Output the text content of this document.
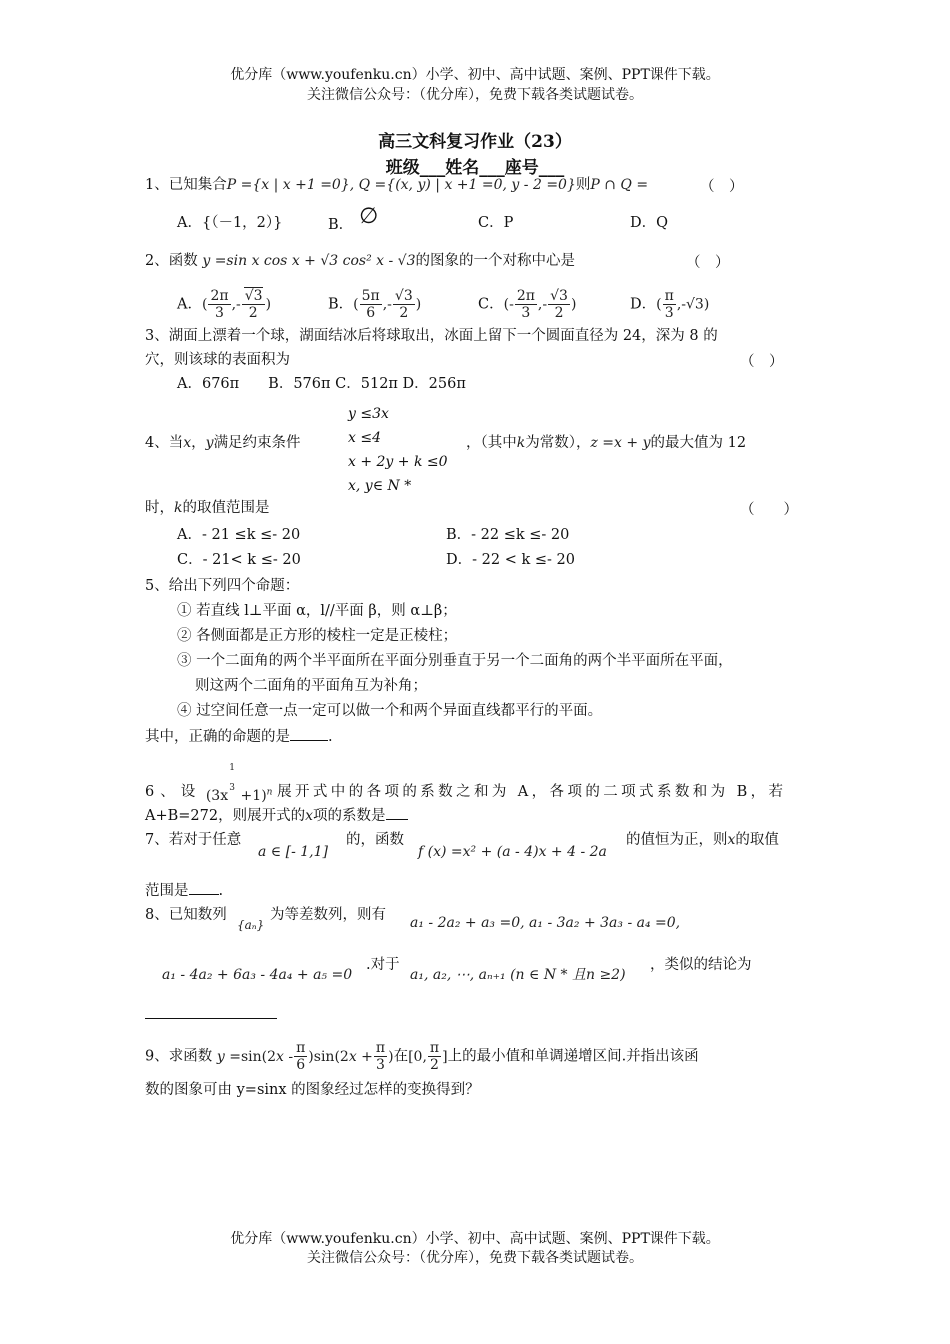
优分库（www.youfenku.cn）小学、初中、高中试题、案例、PPT课件下载。
关注微信公众号：（优分库），免费下载各类试题试卷。
高三文科复习作业（23）
班级___姓名___座号___
1、已知集合P ={x | x +1 =0}, Q ={(x, y) | x +1 =0, y - 2 =0}则P ∩ Q =	（　）
A．{（－1，2）}	B． ∅	C．P	D．Q
2、函数 y =sin x cos x + √3 cos² x - √3的图象的一个对称中心是	（　）
A．( $\frac{2\pi}{3}$ ,- $\frac{√3}{2}$ )	B．( $\frac{5\pi}{6}$ ,- $\frac{√3}{2}$ )	C．(- $\frac{2\pi}{3}$ ,- $\frac{√3}{2}$ )	D．( $\frac{\pi}{3} ,-√3$)
3、湖面上漂着一个球，湖面结冰后将球取出，冰面上留下一个圆面直径为 24，深为 8 的
穴，则该球的表面积为	（　）
A．676π　　B．576π C．512π D．256π
y ≤3x
x ≤4
x + 2y + k ≤0
x, y∈ N *
4、当x，y满足约束条件	，（其中k为常数），z =x + y的最大值为 12
时，k的取值范围是	（　　）
A．- 21 ≤k ≤- 20	B．- 22 ≤k ≤- 20
C．- 21< k ≤- 20	D．- 22 < k ≤- 20
5、给出下列四个命题：
① 若直线 l⊥平面 α，l//平面 β，则 α⊥β；
② 各侧面都是正方形的棱柱一定是正棱柱；
③ 一个二面角的两个半平面所在平面分别垂直于另一个二面角的两个半平面所在平面，
则这两个二面角的平面角互为补角；
④ 过空间任意一点一定可以做一个和两个异面直线都平行的平面。
其中，正确的命题的是	.
6、设 (3x1
3 +1)$^n$ 展开式中的各项的系数之和为 A，各项的二项式系数和为 B，若
A+B=272，则展开式的x项的系数是
7、若对于任意
a ∈ [- 1,1]
的，函数
f (x) =x² + (a - 4)x + 4 - 2a
的值恒为正，则x的取值
范围是 .
8、已知数列
{aₙ}
为等差数列，则有 a₁ - 2a₂ + a₃ =0, a₁ - 3a₂ + 3a₃ - a₄ =0,
a₁ - 4a₂ + 6a₃ - 4a₄ + a₅ =0
.对于
a₁, a₂, ⋯, aₙ₊₁ (n ∈ N * 且n ≥2)
，类似的结论为
9、求函数 $y =\sin(2x - \frac{\pi}{6} )\sin(2x + \frac{\pi}{3}$ )在[0, $\frac{\pi}{2}$ ]上的最小值和单调递增区间.并指出该函
数的图象可由 y=sinx 的图象经过怎样的变换得到？
优分库（www.youfenku.cn）小学、初中、高中试题、案例、PPT课件下载。
关注微信公众号：（优分库），免费下载各类试题试卷。
